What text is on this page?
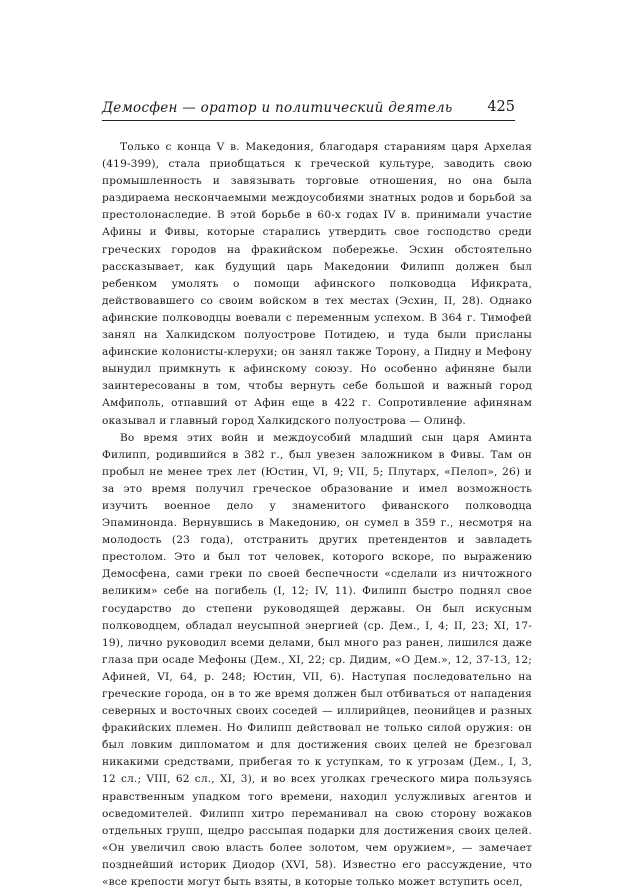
Демосфен — оратор и политический деятель 425

Только с конца V в. Македония, благодаря стараниям царя Архелая (419-399), стала приобщаться к греческой культуре, заводить свою промышленность и завязывать торговые отношения, но она была раздираема нескончаемыми междоусобиями знатных родов и борьбой за престолонаследие. В этой борьбе в 60-х годах IV в. принимали участие Афины и Фивы, которые старались утвердить свое господство среди греческих городов на фракийском побережье. Эсхин обстоятельно рассказывает, как будущий царь Македонии Филипп должен был ребенком умолять о помощи афинского полководца Ификрата, действовавшего со своим войском в тех местах (Эсхин, II, 28). Однако афинские полководцы воевали с переменным успехом. В 364 г. Тимофей занял на Халкидском полуострове Потидею, и туда были присланы афинские колонисты-клерухи; он занял также Торону, а Пидну и Мефону вынудил примкнуть к афинскому союзу. Но особенно афиняне были заинтересованы в том, чтобы вернуть себе большой и важный город Амфиполь, отпавший от Афин еще в 422 г. Сопротивление афинянам оказывал и главный город Халкидского полуострова — Олинф.

Во время этих войн и междоусобий младший сын царя Аминта Филипп, родившийся в 382 г., был увезен заложником в Фивы. Там он пробыл не менее трех лет (Юстин, VI, 9; VII, 5; Плутарх, «Пелоп», 26) и за это время получил греческое образование и имел возможность изучить военное дело у знаменитого фиванского полководца Эпаминонда. Вернувшись в Македонию, он сумел в 359 г., несмотря на молодость (23 года), отстранить других претендентов и завладеть престолом. Это и был тот человек, которого вскоре, по выражению Демосфена, сами греки по своей беспечности «сделали из ничтожного великим» себе на погибель (I, 12; IV, 11). Филипп быстро поднял свое государство до степени руководящей державы. Он был искусным полководцем, обладал неусыпной энергией (ср. Дем., I, 4; II, 23; XI, 17-19), лично руководил всеми делами, был много раз ранен, лишился даже глаза при осаде Мефоны (Дем., XI, 22; ср. Дидим, «О Дем.», 12, 37-13, 12; Афиней, VI, 64, р. 248; Юстин, VII, 6). Наступая последовательно на греческие города, он в то же время должен был отбиваться от нападения северных и восточных своих соседей — иллирийцев, пеонийцев и разных фракийских племен. Но Филипп действовал не только силой оружия: он был ловким дипломатом и для достижения своих целей не брезговал никакими средствами, прибегая то к уступкам, то к угрозам (Дем., I, 3, 12 сл.; VIII, 62 сл., XI, 3), и во всех уголках греческого мира пользуясь нравственным упадком того времени, находил услужливых агентов и осведомителей. Филипп хитро переманивал на свою сторону вожаков отдельных групп, щедро рассыпая подарки для достижения своих целей. «Он увеличил свою власть более золотом, чем оружием», — замечает позднейший историк Диодор (XVI, 58). Известно его рассуждение, что «все крепости могут быть взяты, в которые только может вступить осел,
